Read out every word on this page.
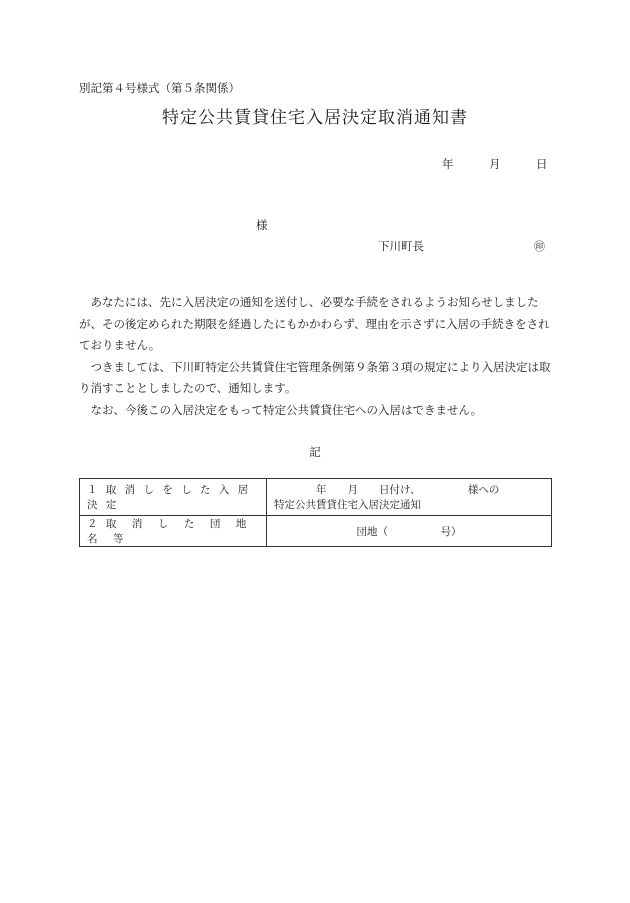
別記第４号様式（第５条関係）
特定公共賃貸住宅入居決定取消通知書
年	月	日
様
下川町長	㊞

あなたには、先に入居決定の通知を送付し、必要な手続をされるようお知らせしましたが、その後定められた期限を経過したにもかかわらず、理由を示さずに入居の手続きをされておりません。

つきましては、下川町特定公共賃貸住宅管理条例第９条第３項の規定により入居決定は取り消すこととしましたので、通知します。

なお、今後この入居決定をもって特定公共賃貸住宅への入居はできません。

記
１ 取 消 し を し た 入 居 決 定	年　　月　　日付け、　　　　　様への
特定公共賃貸住宅入居決定通知

２ 取　消　し　た　団　地　名　等	団地（　　　　　号）
